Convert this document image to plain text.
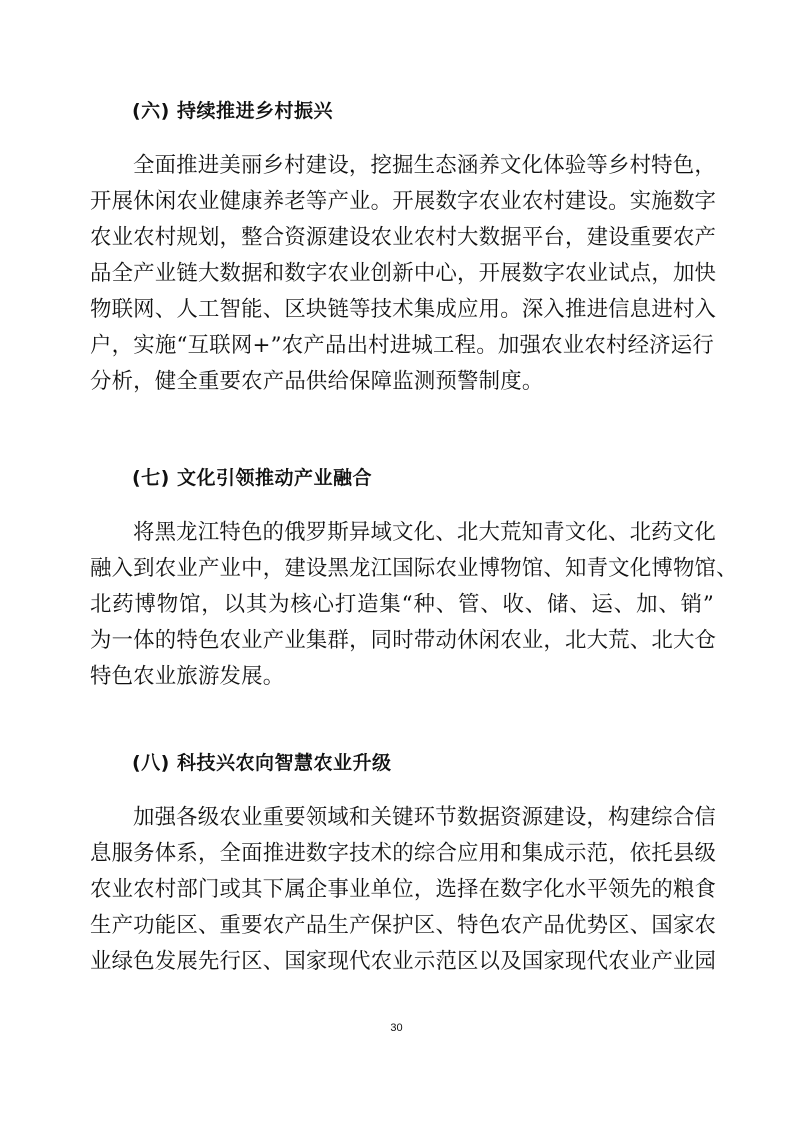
(六) 持续推进乡村振兴
全面推进美丽乡村建设，挖掘生态涵养文化体验等乡村特色，
开展休闲农业健康养老等产业。开展数字农业农村建设。实施数字
农业农村规划，整合资源建设农业农村大数据平台，建设重要农产
品全产业链大数据和数字农业创新中心，开展数字农业试点，加快
物联网、人工智能、区块链等技术集成应用。深入推进信息进村入
户，实施“互联网+”农产品出村进城工程。加强农业农村经济运行
分析，健全重要农产品供给保障监测预警制度。
(七) 文化引领推动产业融合
将黑龙江特色的俄罗斯异域文化、北大荒知青文化、北药文化
融入到农业产业中，建设黑龙江国际农业博物馆、知青文化博物馆、
北药博物馆，以其为核心打造集“种、管、收、储、运、加、销”
为一体的特色农业产业集群，同时带动休闲农业，北大荒、北大仓
特色农业旅游发展。
(八) 科技兴农向智慧农业升级
加强各级农业重要领域和关键环节数据资源建设，构建综合信
息服务体系，全面推进数字技术的综合应用和集成示范，依托县级
农业农村部门或其下属企事业单位，选择在数字化水平领先的粮食
生产功能区、重要农产品生产保护区、特色农产品优势区、国家农
业绿色发展先行区、国家现代农业示范区以及国家现代农业产业园
30
